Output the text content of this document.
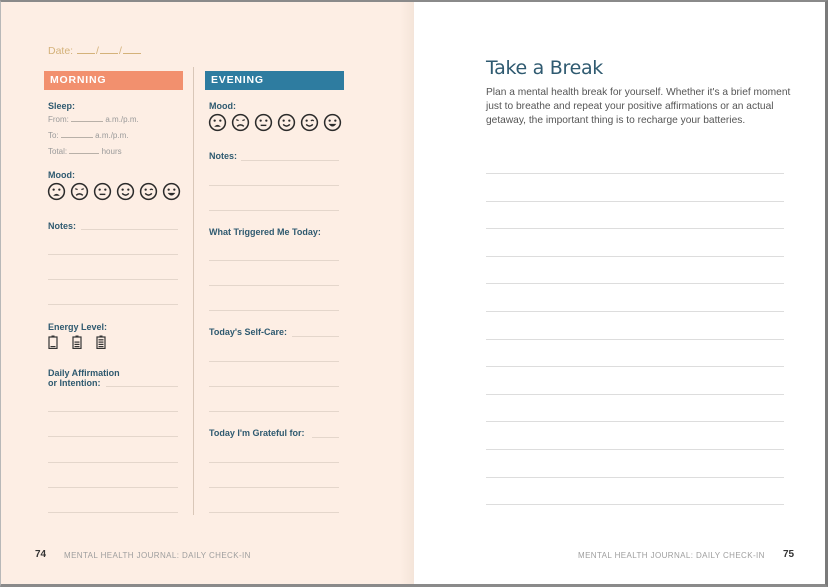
Date: / /
MORNING	EVENING
Sleep:
From:	a.m./p.m.
To:	a.m./p.m.
Total:	hours
Mood:
Notes:
Energy Level:
Daily Affirmation
or Intention:
Mood:
Notes:
What Triggered Me Today:
Today's Self-Care:
Today I'm Grateful for:
74 MENTAL HEALTH JOURNAL: DAILY CHECK-IN
Take a Break
Plan a mental health break for yourself. Whether it's a brief moment just to breathe and repeat your positive affirmations or an actual getaway, the important thing is to recharge your batteries.
MENTAL HEALTH JOURNAL: DAILY CHECK-IN 75
